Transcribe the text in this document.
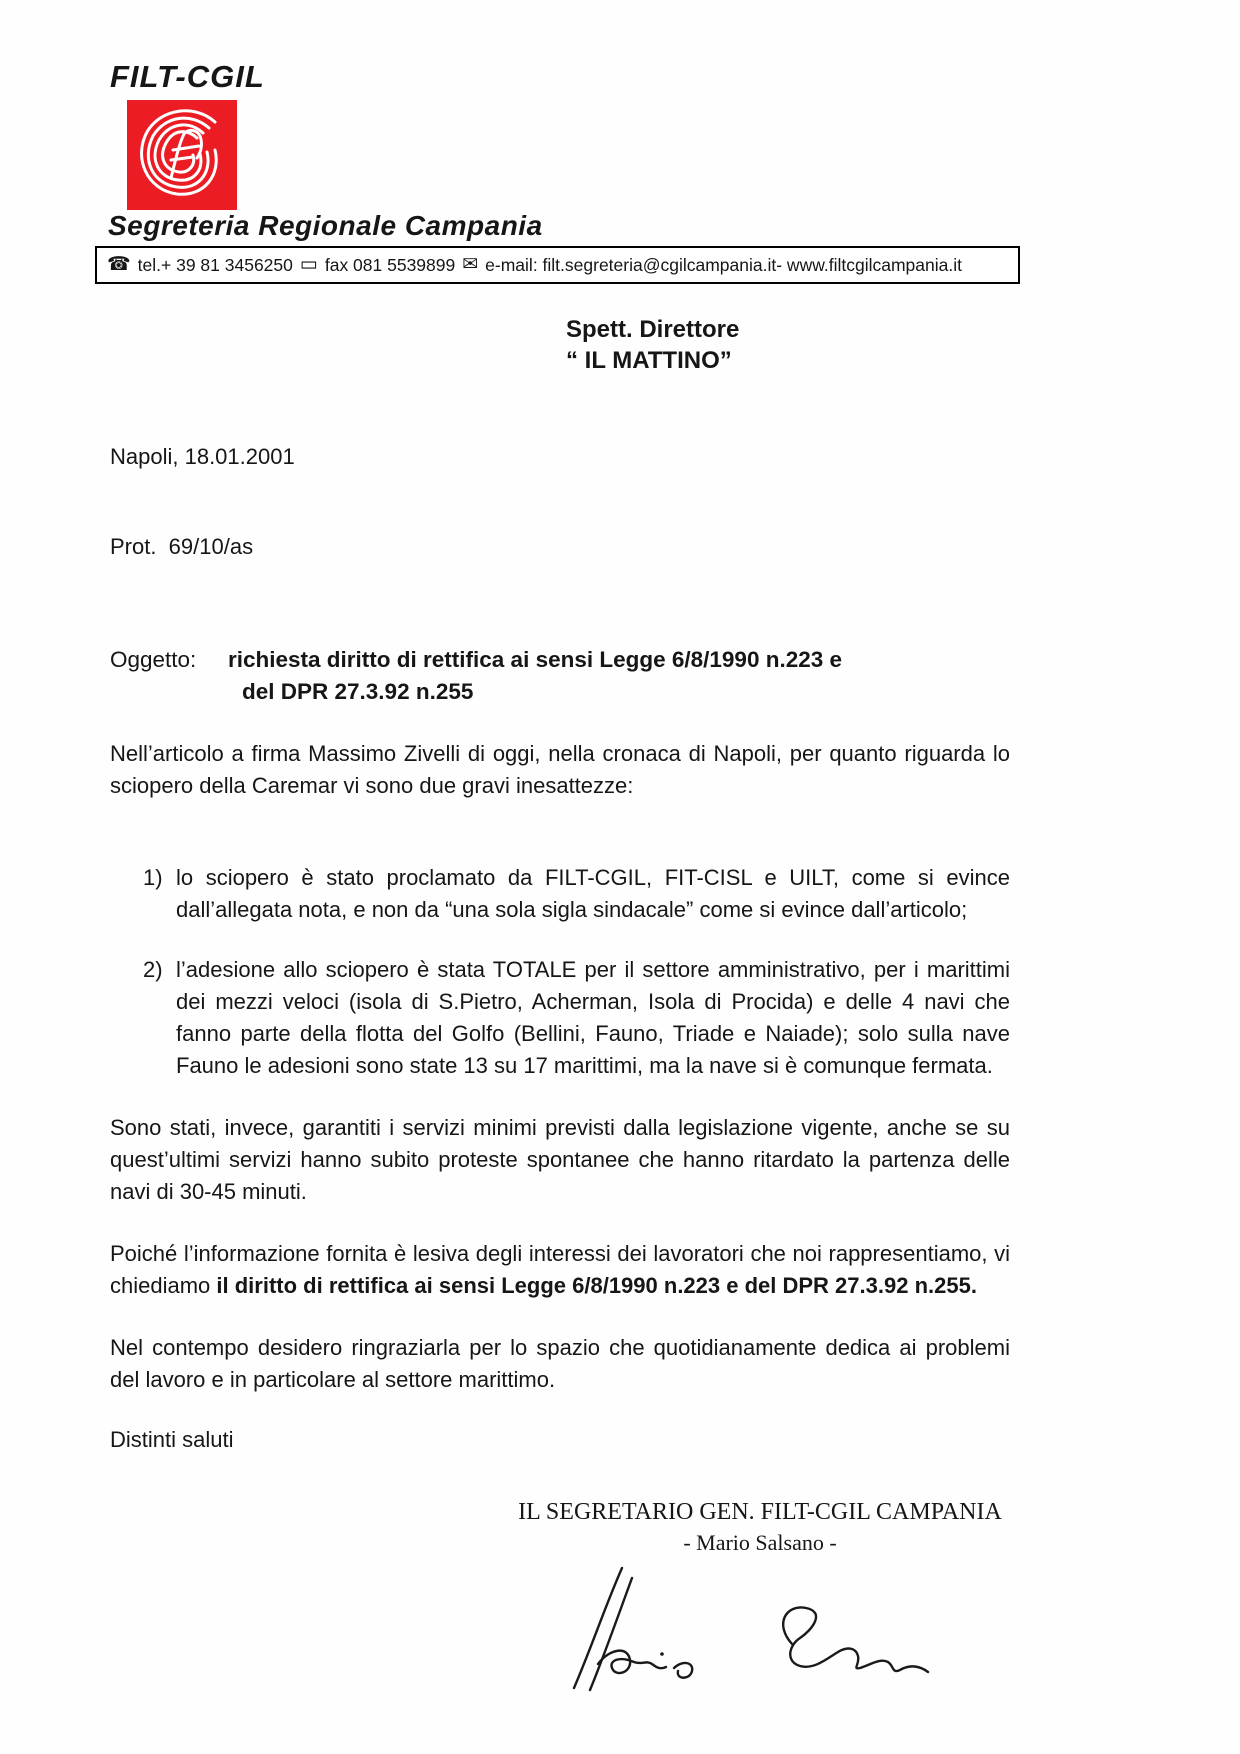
FILT-CGIL
Segreteria Regionale Campania
☎ tel.+ 39 81 3456250 ▭ fax 081 5539899 ✉ e-mail: filt.segreteria@cgilcampania.it- www.filtcgilcampania.it
Spett. Direttore
“ IL MATTINO”

Napoli, 18.01.2001

Prot.  69/10/as

Oggetto:	richiesta diritto di rettifica ai sensi Legge 6/8/1990 n.223 e
del DPR 27.3.92 n.255

Nell’articolo a firma Massimo Zivelli di oggi, nella cronaca di Napoli, per quanto riguarda lo sciopero della Caremar vi sono due gravi inesattezze:

1) lo sciopero è stato proclamato da FILT-CGIL, FIT-CISL e UILT, come si evince dall’allegata nota, e non da “una sola sigla sindacale” come si evince dall’articolo;
2) l’adesione allo sciopero è stata TOTALE per il settore amministrativo, per i marittimi dei mezzi veloci (isola di S.Pietro, Acherman, Isola di Procida) e delle 4 navi che fanno parte della flotta del Golfo (Bellini, Fauno, Triade e Naiade); solo sulla nave Fauno le adesioni sono state 13 su 17 marittimi, ma la nave si è comunque fermata.

Sono stati, invece, garantiti i servizi minimi previsti dalla legislazione vigente, anche se su quest’ultimi servizi hanno subito proteste spontanee che hanno ritardato la partenza delle navi di 30-45 minuti.

Poiché l’informazione fornita è lesiva degli interessi dei lavoratori che noi rappresentiamo, vi chiediamo il diritto di rettifica ai sensi Legge 6/8/1990 n.223 e del DPR 27.3.92 n.255.

Nel contempo desidero ringraziarla per lo spazio che quotidianamente dedica ai problemi del lavoro e in particolare al settore marittimo.

Distinti saluti

IL SEGRETARIO GEN. FILT-CGIL CAMPANIA
- Mario Salsano -
